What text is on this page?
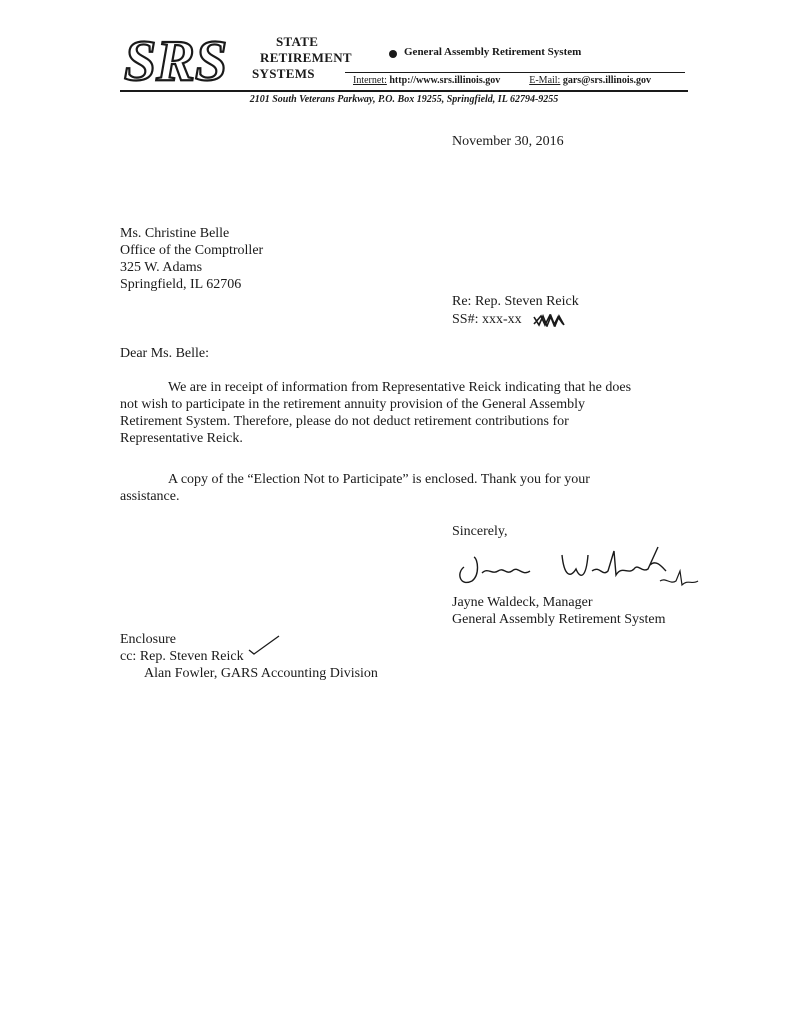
SRS	STATE
RETIREMENT
SYSTEMS
General Assembly Retirement System
Internet: http://www.srs.illinois.gov	E-Mail: gars@srs.illinois.gov
2101 South Veterans Parkway, P.O. Box 19255, Springfield, IL 62794-9255
November 30, 2016
Ms. Christine Belle
Office of the Comptroller
325 W. Adams
Springfield, IL 62706
Re: Rep. Steven Reick
SS#: xxx-xx
Dear Ms. Belle:
We are in receipt of information from Representative Reick indicating that he does
not wish to participate in the retirement annuity provision of the General Assembly
Retirement System. Therefore, please do not deduct retirement contributions for
Representative Reick.
A copy of the “Election Not to Participate” is enclosed. Thank you for your
assistance.
Sincerely,
Jayne Waldeck, Manager
General Assembly Retirement System
Enclosure
cc: Rep. Steven Reick
Alan Fowler, GARS Accounting Division
